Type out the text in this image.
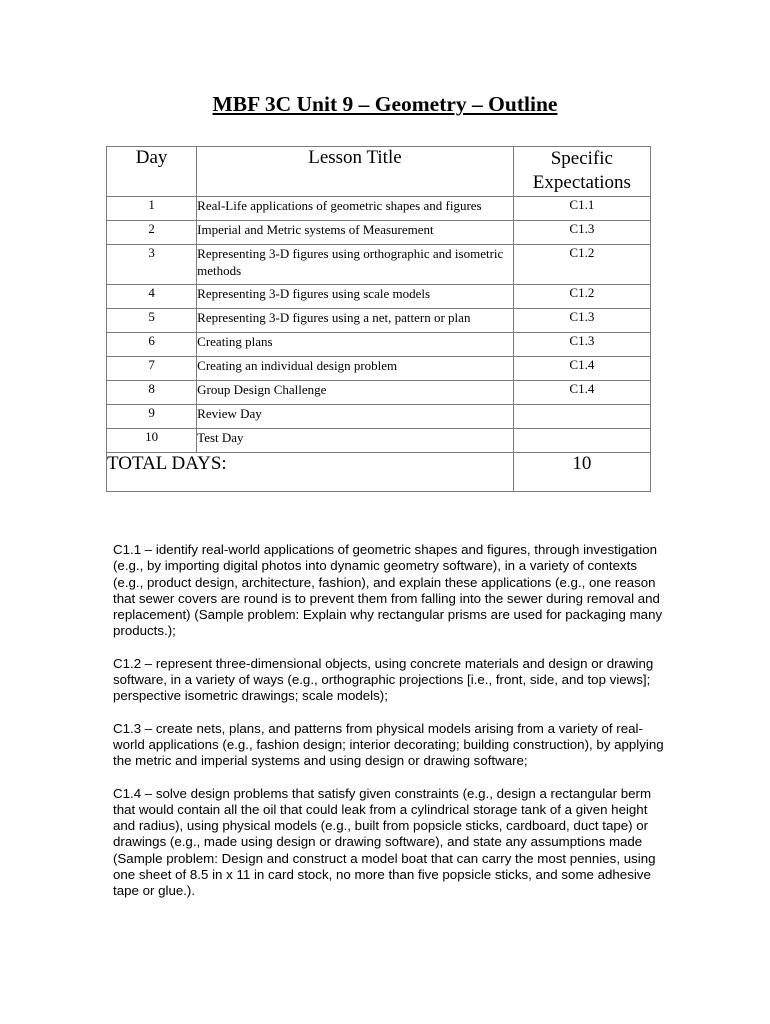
MBF 3C Unit 9 – Geometry – Outline
Day	Lesson Title	Specific Expectations
1	Real-Life applications of geometric shapes and figures	C1.1
2	Imperial and Metric systems of Measurement	C1.3
3	Representing 3-D figures using orthographic and isometric methods	C1.2
4	Representing 3-D figures using scale models	C1.2
5	Representing 3-D figures using a net, pattern or plan	C1.3
6	Creating plans	C1.3
7	Creating an individual design problem	C1.4
8	Group Design Challenge	C1.4
9	Review Day	
10	Test Day	
TOTAL DAYS:		10

C1.1 – identify real-world applications of geometric shapes and figures, through investigation (e.g., by importing digital photos into dynamic geometry software), in a variety of contexts (e.g., product design, architecture, fashion), and explain these applications (e.g., one reason that sewer covers are round is to prevent them from falling into the sewer during removal and replacement) (Sample problem: Explain why rectangular prisms are used for packaging many products.);

C1.2 – represent three-dimensional objects, using concrete materials and design or drawing software, in a variety of ways (e.g., orthographic projections [i.e., front, side, and top views]; perspective isometric drawings; scale models);

C1.3 – create nets, plans, and patterns from physical models arising from a variety of real-world applications (e.g., fashion design; interior decorating; building construction), by applying the metric and imperial systems and using design or drawing software;

C1.4 – solve design problems that satisfy given constraints (e.g., design a rectangular berm that would contain all the oil that could leak from a cylindrical storage tank of a given height and radius), using physical models (e.g., built from popsicle sticks, cardboard, duct tape) or drawings (e.g., made using design or drawing software), and state any assumptions made

(Sample problem: Design and construct a model boat that can carry the most pennies, using one sheet of 8.5 in x 11 in card stock, no more than five popsicle sticks, and some adhesive tape or glue.).
